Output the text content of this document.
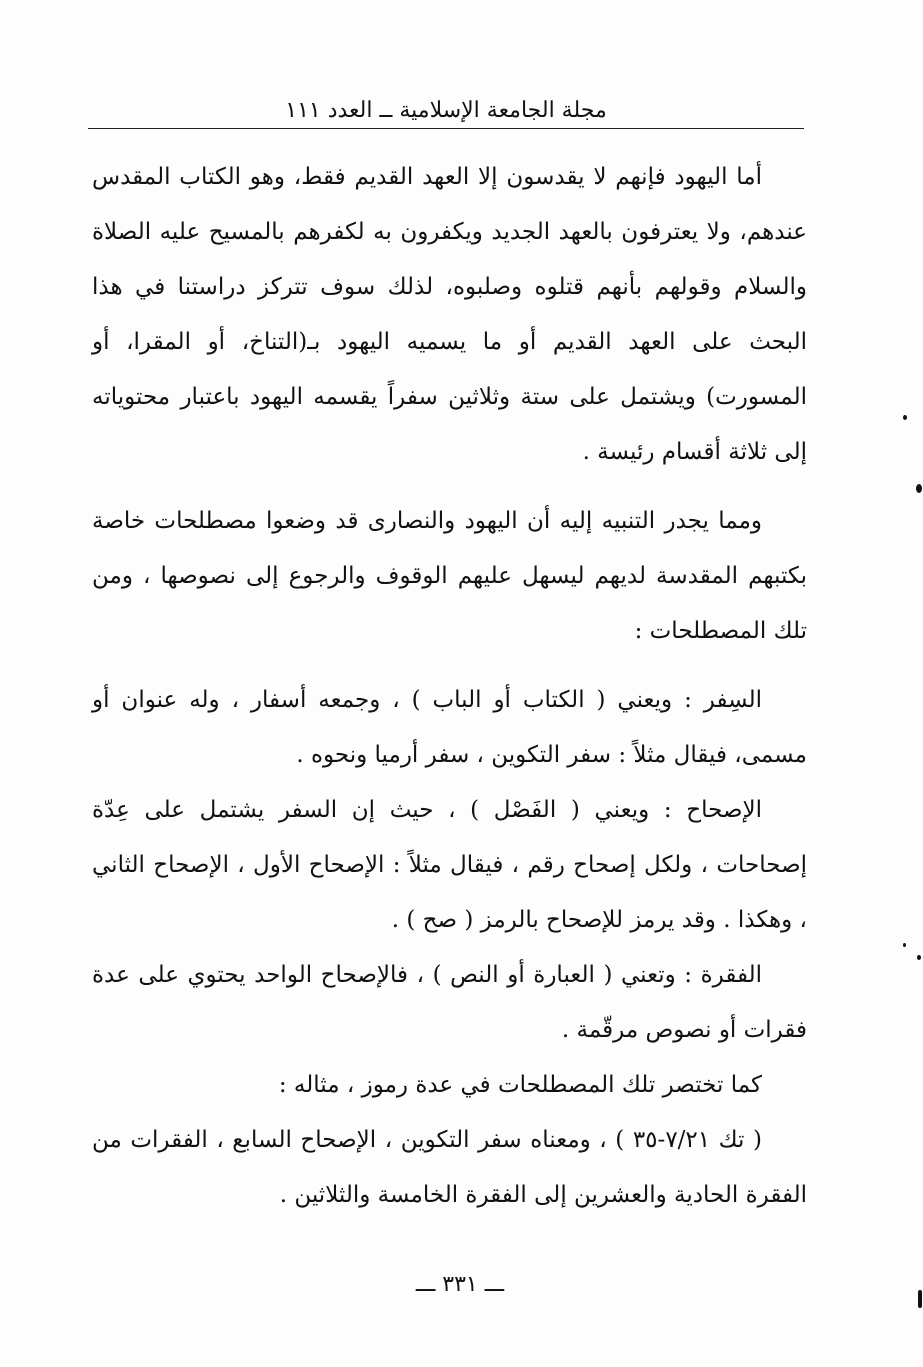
مجلة الجامعة الإسلامية ــ العدد ١١١

أما اليهود فإنهم لا يقدسون إلا العهد القديم فقط، وهو الكتاب المقدس عندهم، ولا يعترفون بالعهد الجديد ويكفرون به لكفرهم بالمسيح عليه الصلاة والسلام وقولهم بأنهم قتلوه وصلبوه، لذلك سوف تتركز دراستنا في هذا البحث على العهد القديم أو ما يسميه اليهود بـ(التناخ، أو المقرا، أو المسورت) ويشتمل على ستة وثلاثين سفراً يقسمه اليهود باعتبار محتوياته إلى ثلاثة أقسام رئيسة .

ومما يجدر التنبيه إليه أن اليهود والنصارى قد وضعوا مصطلحات خاصة بكتبهم المقدسة لديهم ليسهل عليهم الوقوف والرجوع إلى نصوصها ، ومن تلك المصطلحات :

السِفر : ويعني ( الكتاب أو الباب ) ، وجمعه أسفار ، وله عنوان أو مسمى، فيقال مثلاً : سفر التكوين ، سفر أرميا ونحوه .

الإصحاح : ويعني ( الفَصْل ) ، حيث إن السفر يشتمل على عِدّة إصحاحات ، ولكل إصحاح رقم ، فيقال مثلاً : الإصحاح الأول ، الإصحاح الثاني ، وهكذا . وقد يرمز للإصحاح بالرمز ( صح ) .

الفقرة : وتعني ( العبارة أو النص ) ، فالإصحاح الواحد يحتوي على عدة فقرات أو نصوص مرقّمة .

كما تختصر تلك المصطلحات في عدة رموز ، مثاله :

( تك ٧/٢١-٣٥ ) ، ومعناه سفر التكوين ، الإصحاح السابع ، الفقرات من الفقرة الحادية والعشرين إلى الفقرة الخامسة والثلاثين .

ـــ ٣٣١ ـــ
